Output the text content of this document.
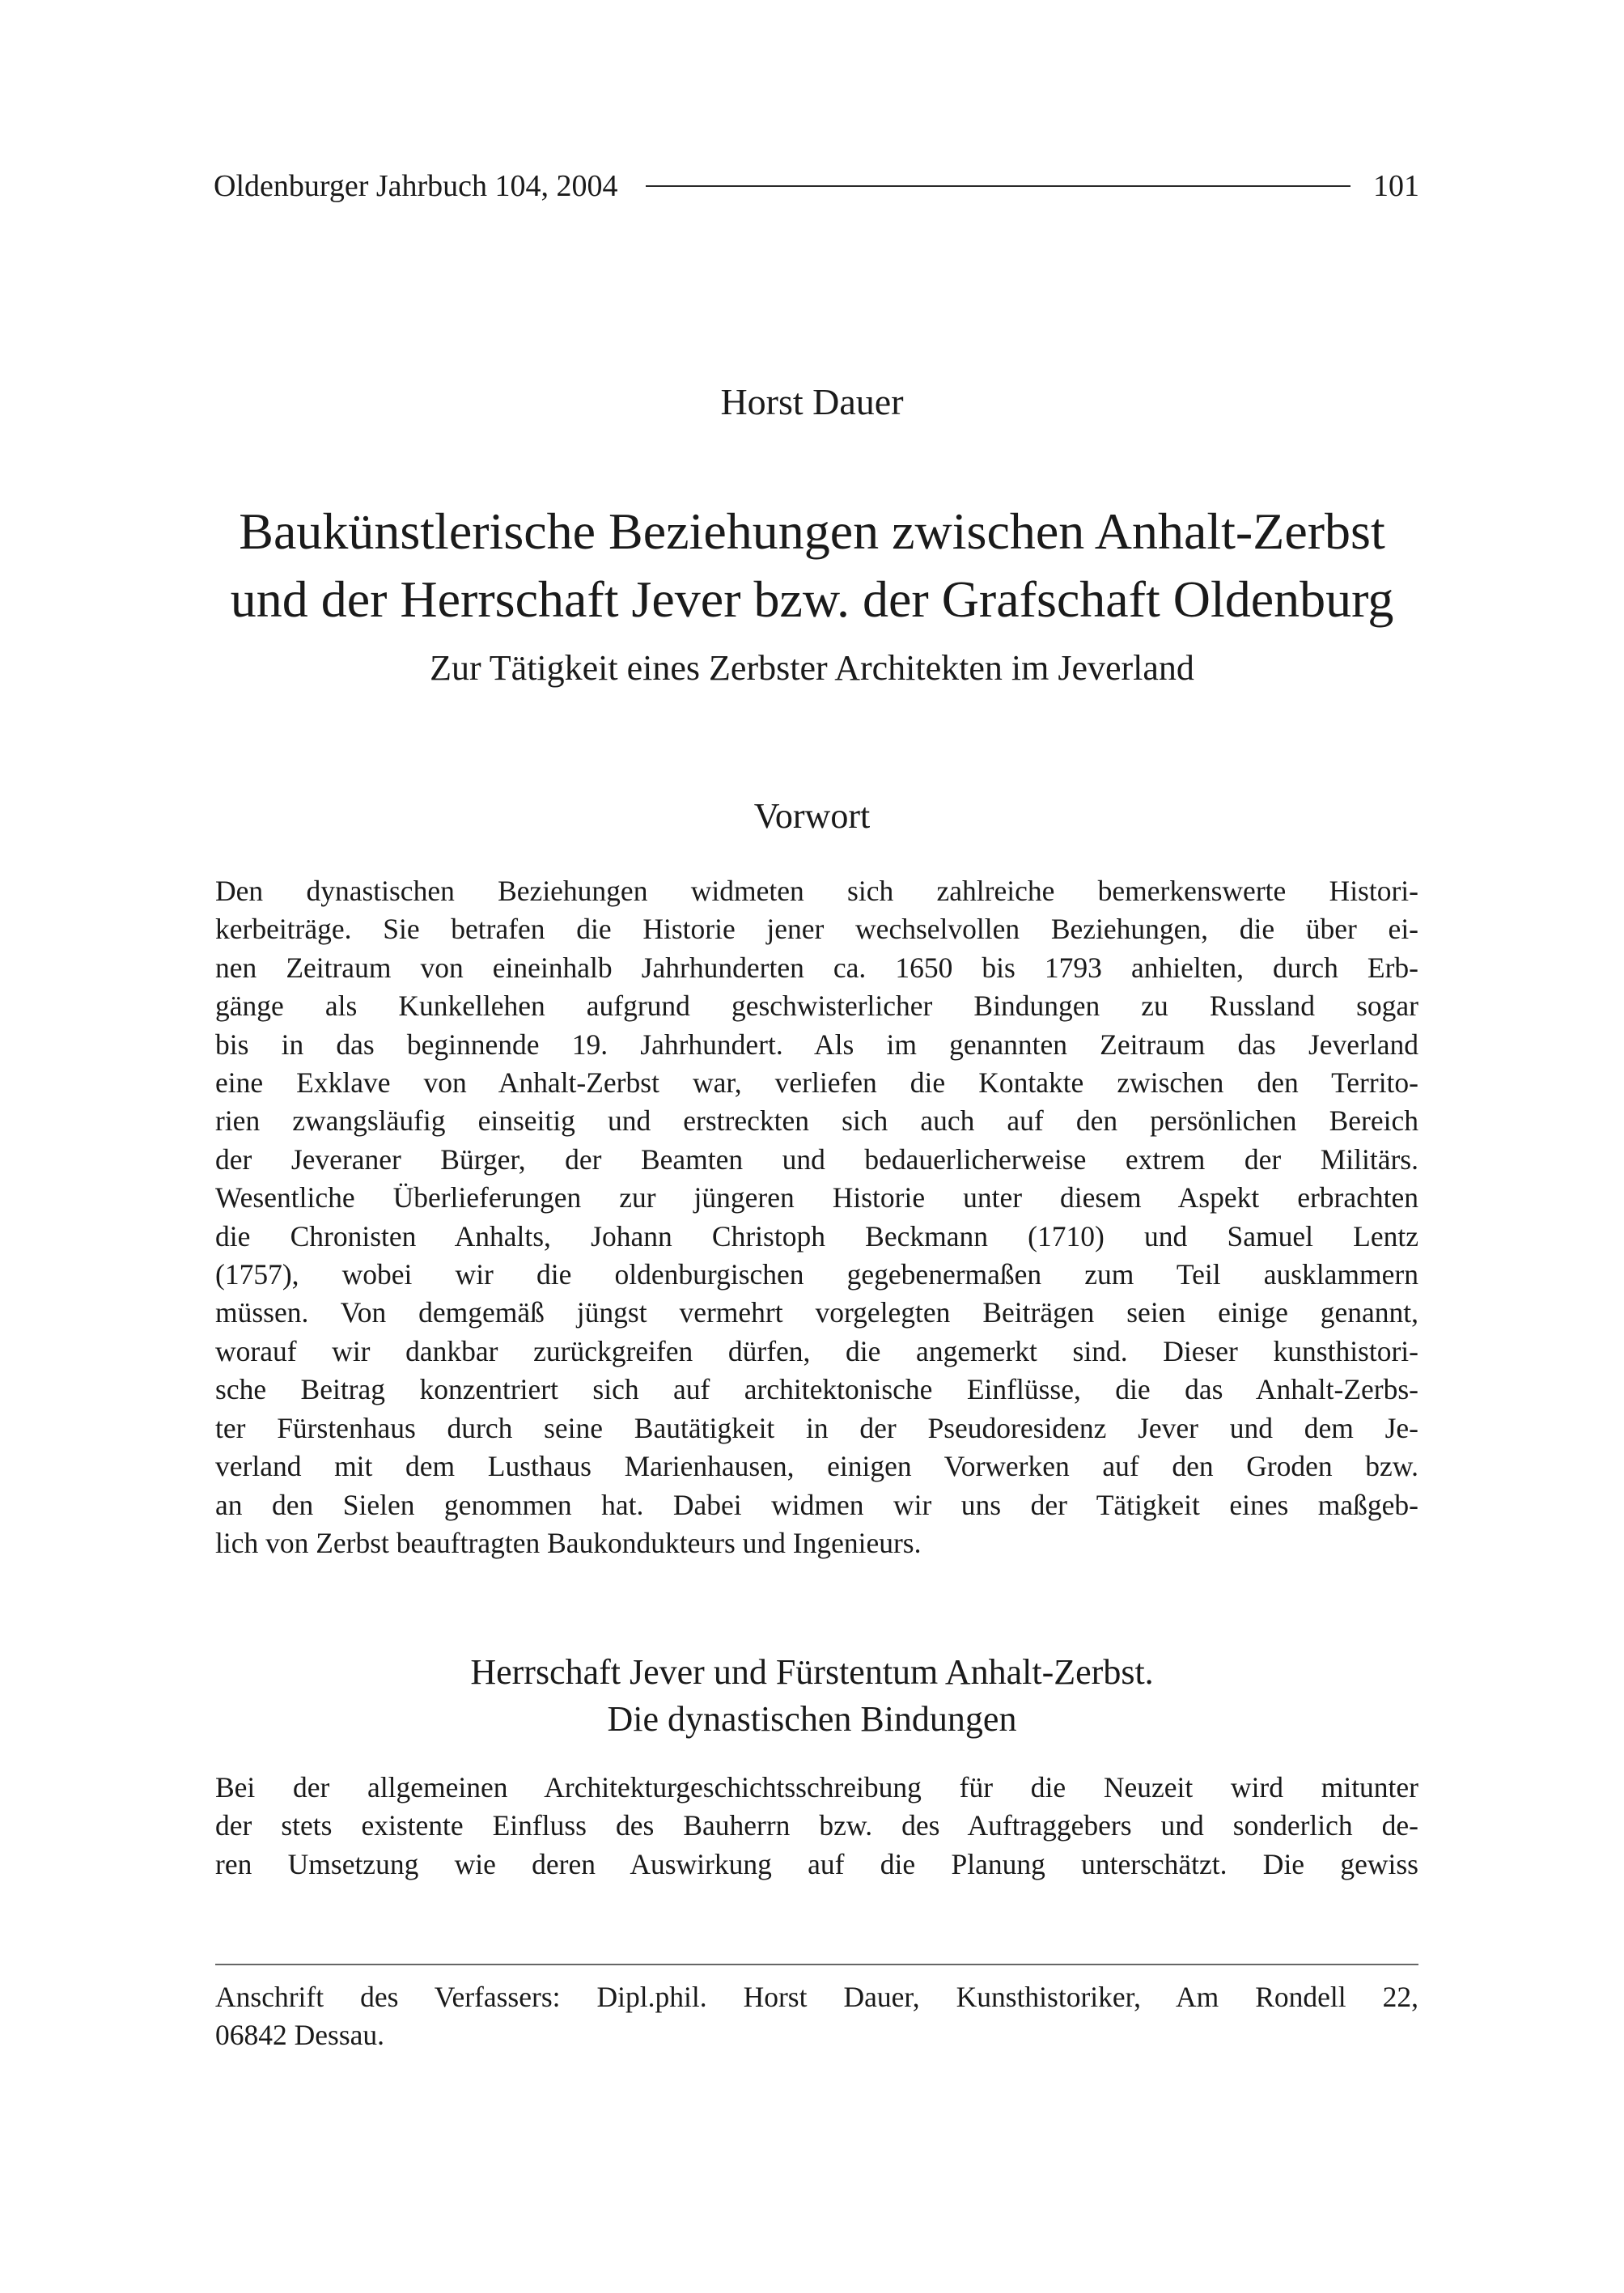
Oldenburger Jahrbuch 104, 2004	101
Horst Dauer
Baukünstlerische Beziehungen zwischen Anhalt-Zerbst
und der Herrschaft Jever bzw. der Grafschaft Oldenburg
Zur Tätigkeit eines Zerbster Architekten im Jeverland
Vorwort
Den dynastischen Beziehungen widmeten sich zahlreiche bemerkenswerte Histori-
kerbeiträge. Sie betrafen die Historie jener wechselvollen Beziehungen, die über ei-
nen Zeitraum von eineinhalb Jahrhunderten ca. 1650 bis 1793 anhielten, durch Erb-
gänge als Kunkellehen aufgrund geschwisterlicher Bindungen zu Russland sogar
bis in das beginnende 19. Jahrhundert. Als im genannten Zeitraum das Jeverland
eine Exklave von Anhalt-Zerbst war, verliefen die Kontakte zwischen den Territo-
rien zwangsläufig einseitig und erstreckten sich auch auf den persönlichen Bereich
der Jeveraner Bürger, der Beamten und bedauerlicherweise extrem der Militärs.
Wesentliche Überlieferungen zur jüngeren Historie unter diesem Aspekt erbrachten
die Chronisten Anhalts, Johann Christoph Beckmann (1710) und Samuel Lentz
(1757), wobei wir die oldenburgischen gegebenermaßen zum Teil ausklammern
müssen. Von demgemäß jüngst vermehrt vorgelegten Beiträgen seien einige genannt,
worauf wir dankbar zurückgreifen dürfen, die angemerkt sind. Dieser kunsthistori-
sche Beitrag konzentriert sich auf architektonische Einflüsse, die das Anhalt-Zerbs-
ter Fürstenhaus durch seine Bautätigkeit in der Pseudoresidenz Jever und dem Je-
verland mit dem Lusthaus Marienhausen, einigen Vorwerken auf den Groden bzw.
an den Sielen genommen hat. Dabei widmen wir uns der Tätigkeit eines maßgeb-
lich von Zerbst beauftragten Baukondukteurs und Ingenieurs.
Herrschaft Jever und Fürstentum Anhalt-Zerbst.
Die dynastischen Bindungen
Bei der allgemeinen Architekturgeschichtsschreibung für die Neuzeit wird mitunter
der stets existente Einfluss des Bauherrn bzw. des Auftraggebers und sonderlich de-
ren Umsetzung wie deren Auswirkung auf die Planung unterschätzt. Die gewiss
Anschrift des Verfassers: Dipl.phil. Horst Dauer, Kunsthistoriker, Am Rondell 22,
06842 Dessau.
